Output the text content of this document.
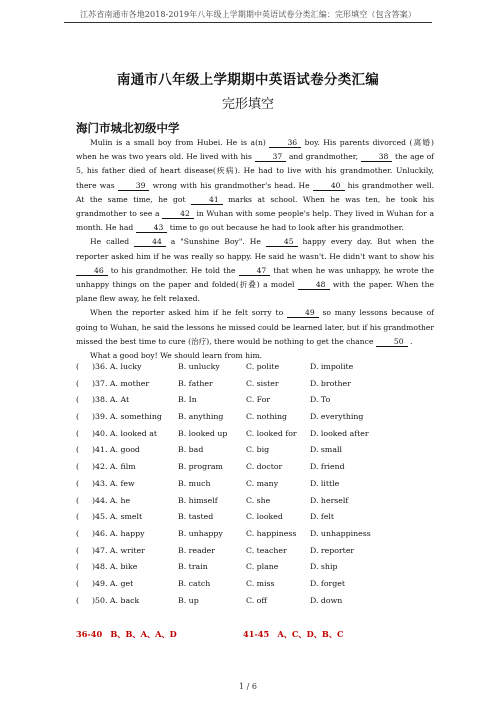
江苏省南通市各地2018-2019年八年级上学期期中英语试卷分类汇编：完形填空（包含答案）
南通市八年级上学期期中英语试卷分类汇编
完形填空
海门市城北初级中学

Mulin is a small boy from Hubei. He is a(n)	36 boy. His parents divorced (离婚) when he was two years old. He lived with his	37 and grandmother,	38 the age of 5, his father died of heart disease(疾病). He had to live with his grandmother. Unluckily, there was	39 wrong with his grandmother's head. He	40 his grandmother well. At the same time, he got	41 marks at school. When he was ten, he took his grandmother to see a	42 in Wuhan with some people's help. They lived in Wuhan for a month. He had	43 time to go out because he had to look after his grandmother.

He called	44 a "Sunshine Boy". He	45 happy every day. But when the reporter asked him if he was really so happy. He said he wasn't. He didn't want to show his 46 to his grandmother. He told the	47 that when he was unhappy, he wrote the unhappy things on the paper and folded(折叠) a model	48 with the paper. When the plane flew away, he felt relaxed.

When the reporter asked him if he felt sorry to	49 so many lessons because of going to Wuhan, he said the lessons he missed could be learned later, but if his grandmother missed the best time to cure (治疗), there would be nothing to get the chance	50 .

What a good boy! We should learn from him.

( )36. A. lucky	B. unlucky	C. polite	D. impolite
( )37. A. mother	B. father	C. sister	D. brother
( )38. A. At	B. In	C. For	D. To
( )39. A. something B. anything	C. nothing	D. everything
( )40. A. looked at	B. looked up C. looked for D. looked after
( )41. A. good	B. bad	C. big	D. small
( )42. A. film	B. program	C. doctor	D. friend
( )43. A. few	B. much	C. many	D. little
( )44. A. he	B. himself	C. she	D. herself
( )45. A. smelt	B. tasted	C. looked	D. felt
( )46. A. happy	B. unhappy	C. happiness D. unhappiness
( )47. A. writer	B. reader	C. teacher	D. reporter
( )48. A. bike	B. train	C. plane	D. ship
( )49. A. get	B. catch	C. miss	D. forget
( )50. A. back	B. up	C. off	D. down
36-40　B、B、A、A、D	41-45　A、C、D、B、C
1 / 6
